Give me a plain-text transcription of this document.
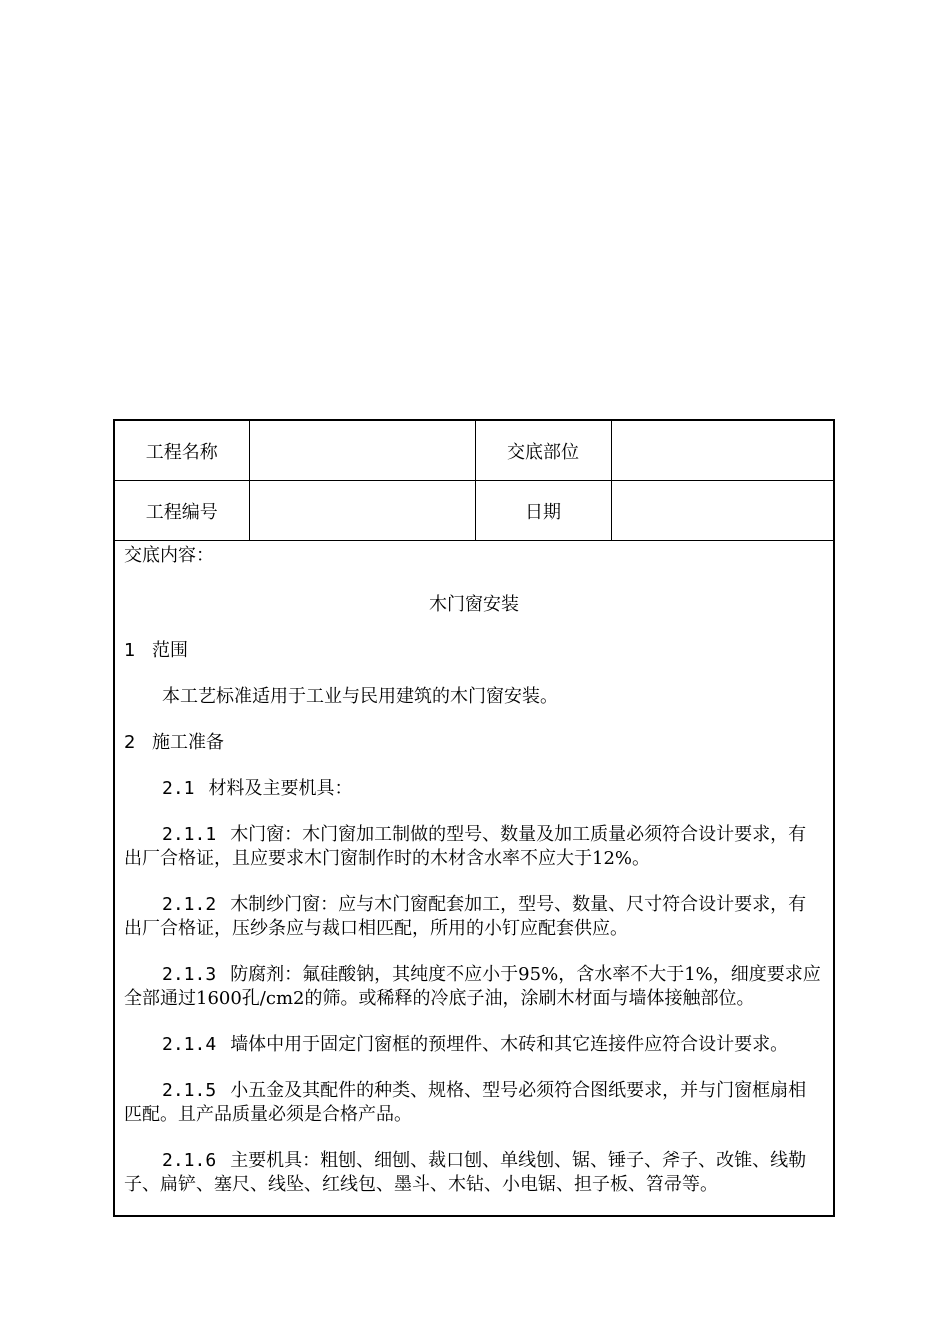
工程名称		交底部位	
工程编号		日期	
交底内容：
木门窗安装
1 范围
本工艺标准适用于工业与民用建筑的木门窗安装。
2 施工准备
2.1 材料及主要机具：
2.1.1 木门窗：木门窗加工制做的型号、数量及加工质量必须符合设计要求，有出厂合格证，且应要求木门窗制作时的木材含水率不应大于12%。
2.1.2 木制纱门窗：应与木门窗配套加工，型号、数量、尺寸符合设计要求，有出厂合格证，压纱条应与裁口相匹配，所用的小钉应配套供应。
2.1.3 防腐剂：氟硅酸钠，其纯度不应小于95%，含水率不大于1%，细度要求应全部通过1600孔/cm2的筛。或稀释的冷底子油，涂刷木材面与墙体接触部位。
2.1.4 墙体中用于固定门窗框的预埋件、木砖和其它连接件应符合设计要求。
2.1.5 小五金及其配件的种类、规格、型号必须符合图纸要求，并与门窗框扇相匹配。且产品质量必须是合格产品。
2.1.6 主要机具：粗刨、细刨、裁口刨、单线刨、锯、锤子、斧子、改锥、线勒子、扁铲、塞尺、线坠、红线包、墨斗、木钻、小电锯、担子板、笤帚等。
